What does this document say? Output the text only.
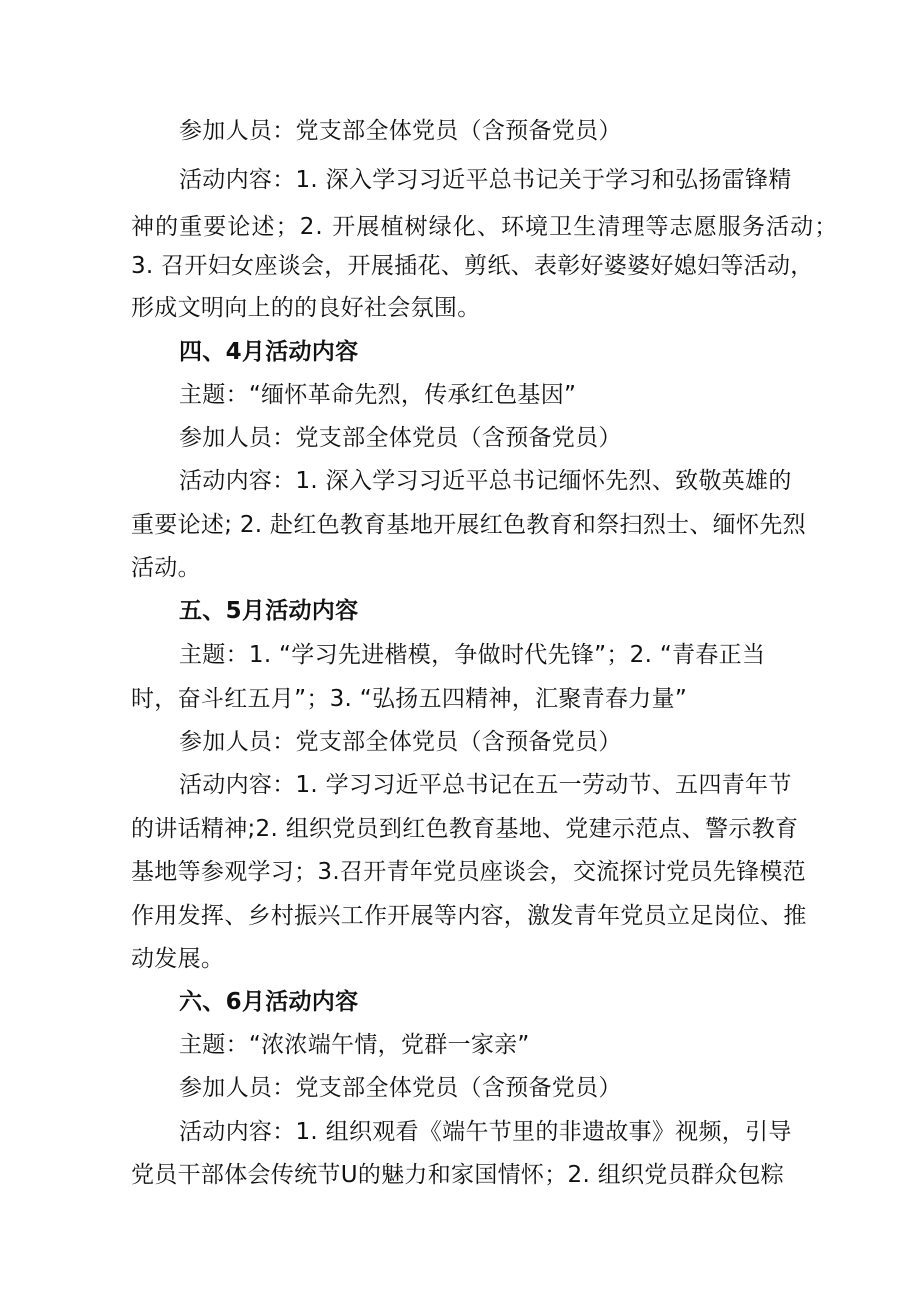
参加人员：党支部全体党员（含预备党员）
活动内容：1. 深入学习习近平总书记关于学习和弘扬雷锋精
神的重要论述；2. 开展植树绿化、环境卫生清理等志愿服务活动；
3. 召开妇女座谈会，开展插花、剪纸、表彰好婆婆好媳妇等活动，
形成文明向上的的良好社会氛围。
四、4月活动内容
主题：“缅怀革命先烈，传承红色基因”
参加人员：党支部全体党员（含预备党员）
活动内容：1. 深入学习习近平总书记缅怀先烈、致敬英雄的
重要论述; 2. 赴红色教育基地开展红色教育和祭扫烈士、缅怀先烈
活动。
五、5月活动内容
主题：1. “学习先进楷模，争做时代先锋”；2. “青春正当
时，奋斗红五月”；3. “弘扬五四精神，汇聚青春力量”
参加人员：党支部全体党员（含预备党员）
活动内容：1. 学习习近平总书记在五一劳动节、五四青年节
的讲话精神;2. 组织党员到红色教育基地、党建示范点、警示教育
基地等参观学习；3.召开青年党员座谈会，交流探讨党员先锋模范
作用发挥、乡村振兴工作开展等内容，激发青年党员立足岗位、推
动发展。
六、6月活动内容
主题：“浓浓端午情，党群一家亲”
参加人员：党支部全体党员（含预备党员）
活动内容：1. 组织观看《端午节里的非遗故事》视频，引导
党员干部体会传统节U的魅力和家国情怀；2. 组织党员群众包粽
